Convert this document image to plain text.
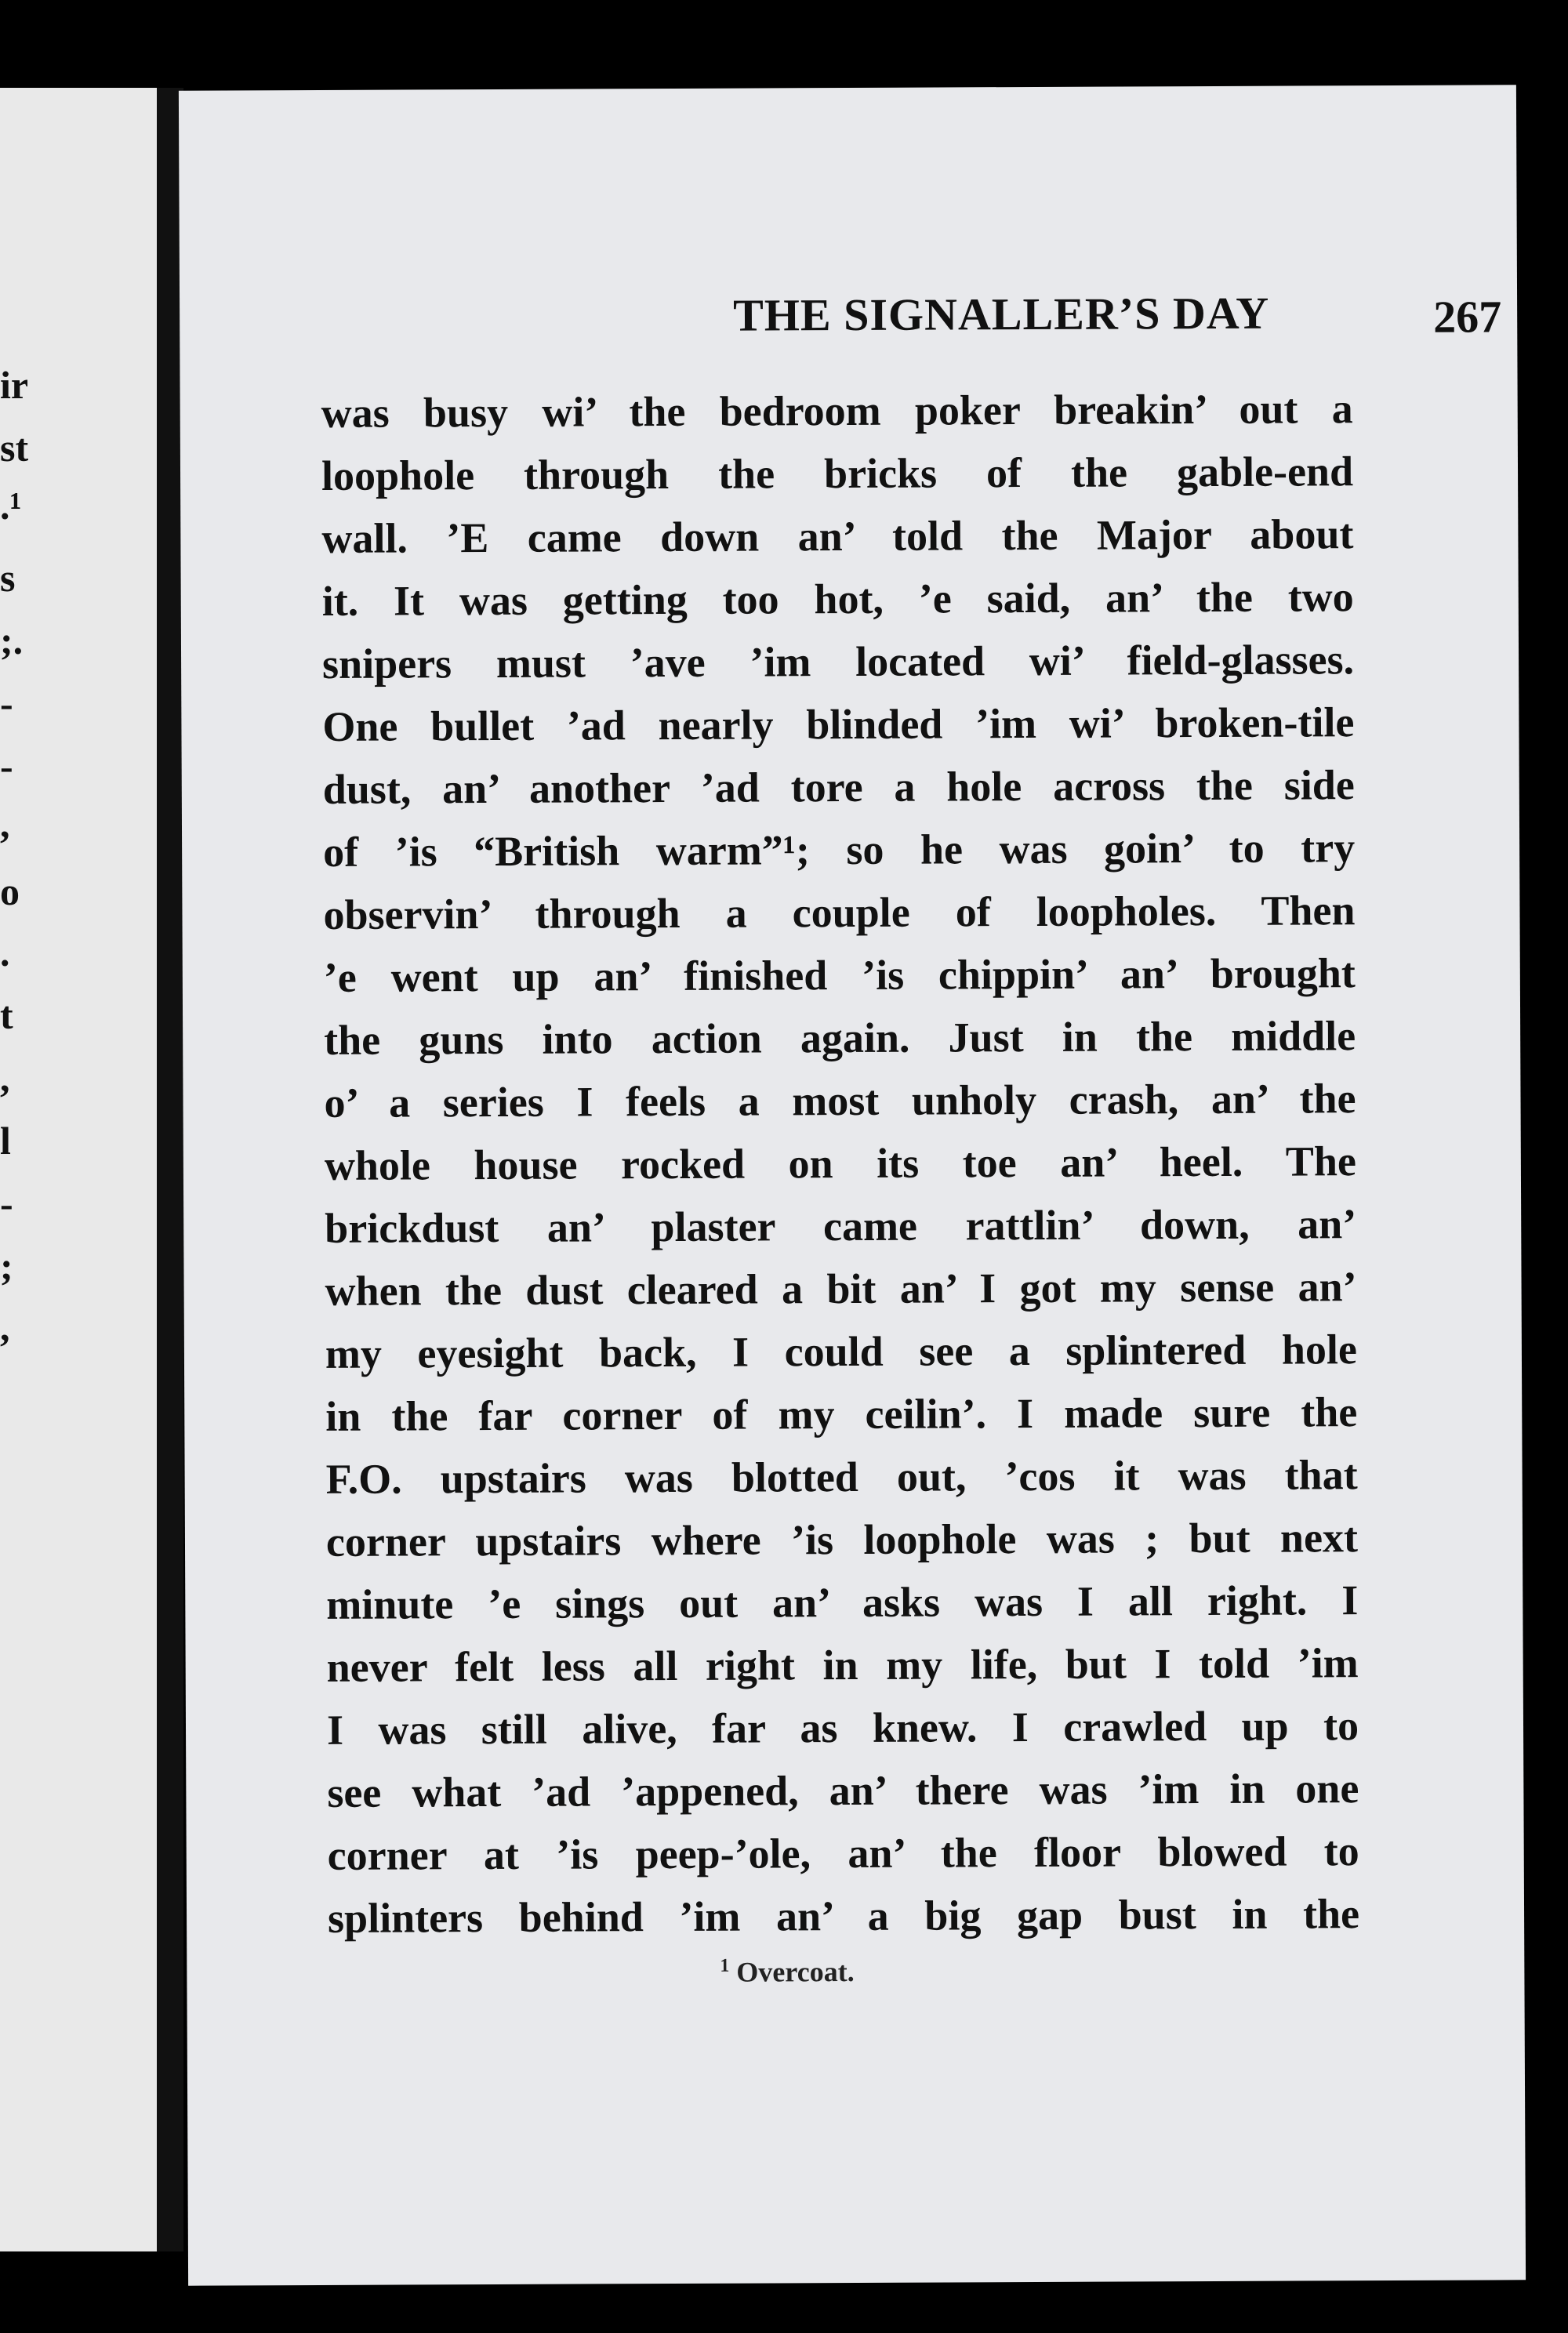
ir
st
.¹
s
;.
-
-
,
o
.
t
,
l
-
;
,
THE SIGNALLER’S DAY	267
was busy wi’ the bedroom poker breakin’ out a
loophole through the bricks of the gable-end
wall. ’E came down an’ told the Major about
it. It was getting too hot, ’e said, an’ the two
snipers must ’ave ’im located wi’ field-glasses.
One bullet ’ad nearly blinded ’im wi’ broken-tile
dust, an’ another ’ad tore a hole across the side
of ’is “British warm”¹; so he was goin’ to try
observin’ through a couple of loopholes. Then
’e went up an’ finished ’is chippin’ an’ brought
the guns into action again. Just in the middle
o’ a series I feels a most unholy crash, an’ the
whole house rocked on its toe an’ heel. The
brickdust an’ plaster came rattlin’ down, an’
when the dust cleared a bit an’ I got my sense an’
my eyesight back, I could see a splintered hole
in the far corner of my ceilin’. I made sure the
F.O. upstairs was blotted out, ’cos it was that
corner upstairs where ’is loophole was ; but next
minute ’e sings out an’ asks was I all right. I
never felt less all right in my life, but I told ’im
I was still alive, far as knew. I crawled up to
see what ’ad ’appened, an’ there was ’im in one
corner at ’is peep-’ole, an’ the floor blowed to
splinters behind ’im an’ a big gap bust in the
$^1$ Overcoat.
